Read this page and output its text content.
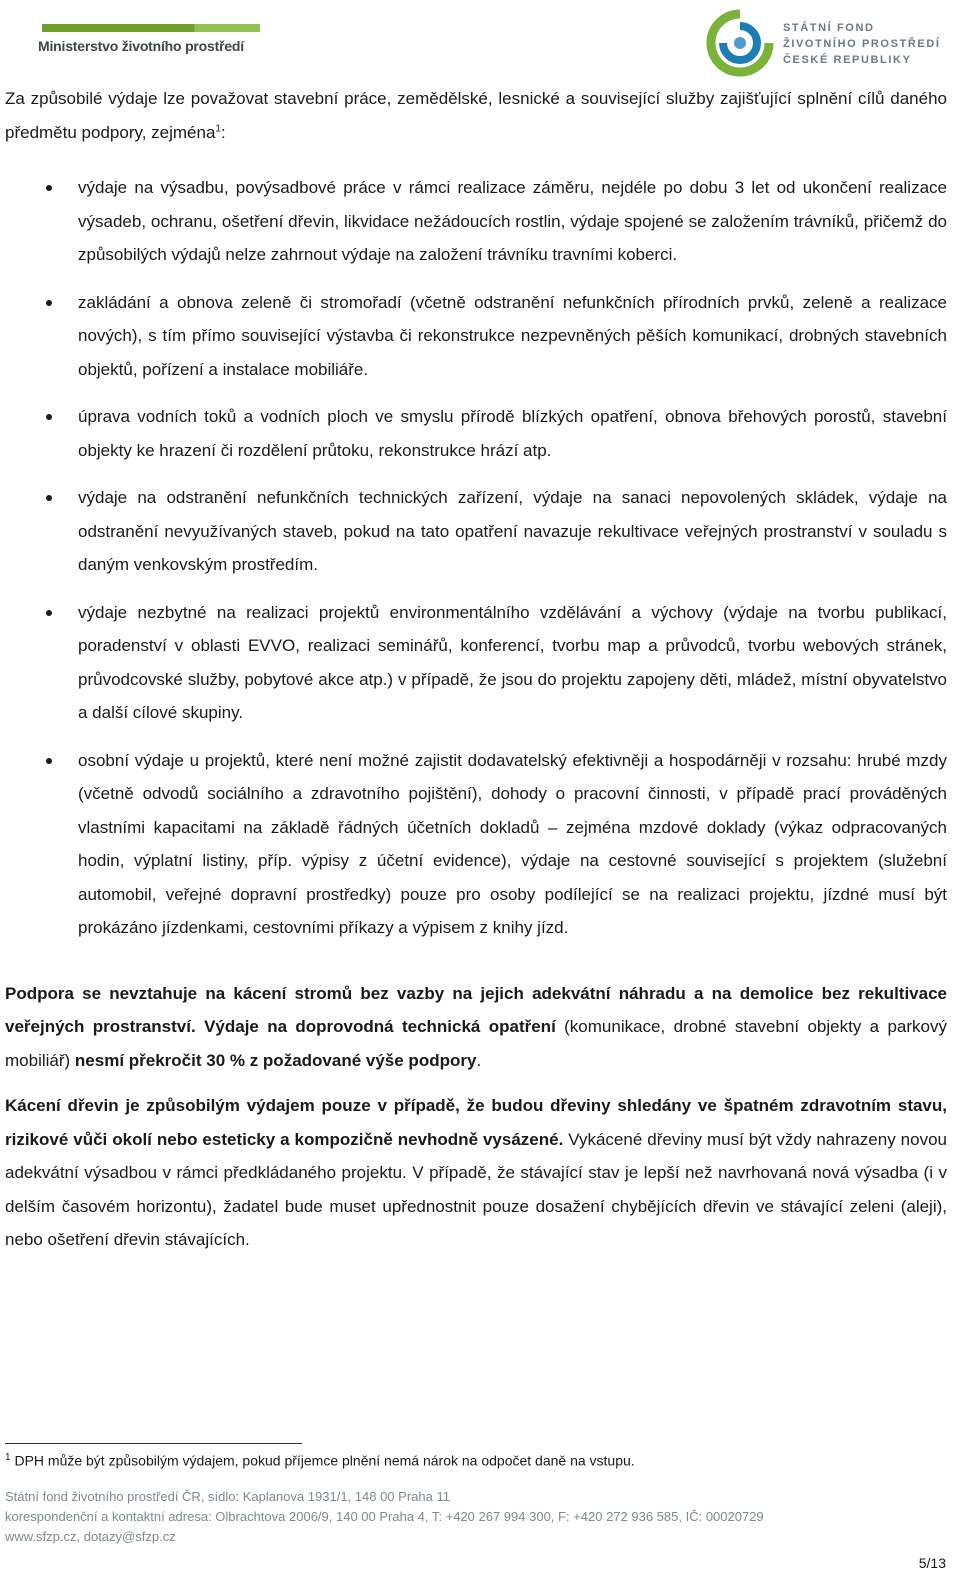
Ministerstvo životního prostředí
STÁTNÍ FOND
ŽIVOTNÍHO PROSTŘEDÍ
ČESKÉ REPUBLIKY

Za způsobilé výdaje lze považovat stavební práce, zemědělské, lesnické a související služby zajišťující splnění cílů daného předmětu podpory, zejména$^1$:

výdaje na výsadbu, povýsadbové práce v rámci realizace záměru, nejdéle po dobu 3 let od ukončení realizace výsadeb, ochranu, ošetření dřevin, likvidace nežádoucích rostlin, výdaje spojené se založením trávníků, přičemž do způsobilých výdajů nelze zahrnout výdaje na založení trávníku travními koberci.
zakládání a obnova zeleně či stromořadí (včetně odstranění nefunkčních přírodních prvků, zeleně a realizace nových), s tím přímo související výstavba či rekonstrukce nezpevněných pěších komunikací, drobných stavebních objektů, pořízení a instalace mobiliáře.
úprava vodních toků a vodních ploch ve smyslu přírodě blízkých opatření, obnova břehových porostů, stavební objekty ke hrazení či rozdělení průtoku, rekonstrukce hrází atp.
výdaje na odstranění nefunkčních technických zařízení, výdaje na sanaci nepovolených skládek, výdaje na odstranění nevyužívaných staveb, pokud na tato opatření navazuje rekultivace veřejných prostranství v souladu s daným venkovským prostředím.
výdaje nezbytné na realizaci projektů environmentálního vzdělávání a výchovy (výdaje na tvorbu publikací, poradenství v oblasti EVVO, realizaci seminářů, konferencí, tvorbu map a průvodců, tvorbu webových stránek, průvodcovské služby, pobytové akce atp.) v případě, že jsou do projektu zapojeny děti, mládež, místní obyvatelstvo a další cílové skupiny.
osobní výdaje u projektů, které není možné zajistit dodavatelský efektivněji a hospodárněji v rozsahu: hrubé mzdy (včetně odvodů sociálního a zdravotního pojištění), dohody o pracovní činnosti, v případě prací prováděných vlastními kapacitami na základě řádných účetních dokladů – zejména mzdové doklady (výkaz odpracovaných hodin, výplatní listiny, příp. výpisy z účetní evidence), výdaje na cestovné související s projektem (služební automobil, veřejné dopravní prostředky) pouze pro osoby podílející se na realizaci projektu, jízdné musí být prokázáno jízdenkami, cestovními příkazy a výpisem z knihy jízd.

Podpora se nevztahuje na kácení stromů bez vazby na jejich adekvátní náhradu a na demolice bez rekultivace veřejných prostranství. Výdaje na doprovodná technická opatření (komunikace, drobné stavební objekty a parkový mobiliář) nesmí překročit 30 % z požadované výše podpory.

Kácení dřevin je způsobilým výdajem pouze v případě, že budou dřeviny shledány ve špatném zdravotním stavu, rizikové vůči okolí nebo esteticky a kompozičně nevhodně vysázené. Vykácené dřeviny musí být vždy nahrazeny novou adekvátní výsadbou v rámci předkládaného projektu. V případě, že stávající stav je lepší než navrhovaná nová výsadba (i v delším časovém horizontu), žadatel bude muset upřednostnit pouze dosažení chybějících dřevin ve stávající zeleni (aleji), nebo ošetření dřevin stávajících.

$^1$ DPH může být způsobilým výdajem, pokud příjemce plnění nemá nárok na odpočet daně na vstupu.
Státní fond životního prostředí ČR, sídlo: Kaplanova 1931/1, 148 00 Praha 11
korespondenční a kontaktní adresa: Olbrachtova 2006/9, 140 00 Praha 4, T: +420 267 994 300, F: +420 272 936 585, IČ: 00020729
www.sfzp.cz, dotazy@sfzp.cz
5/13
